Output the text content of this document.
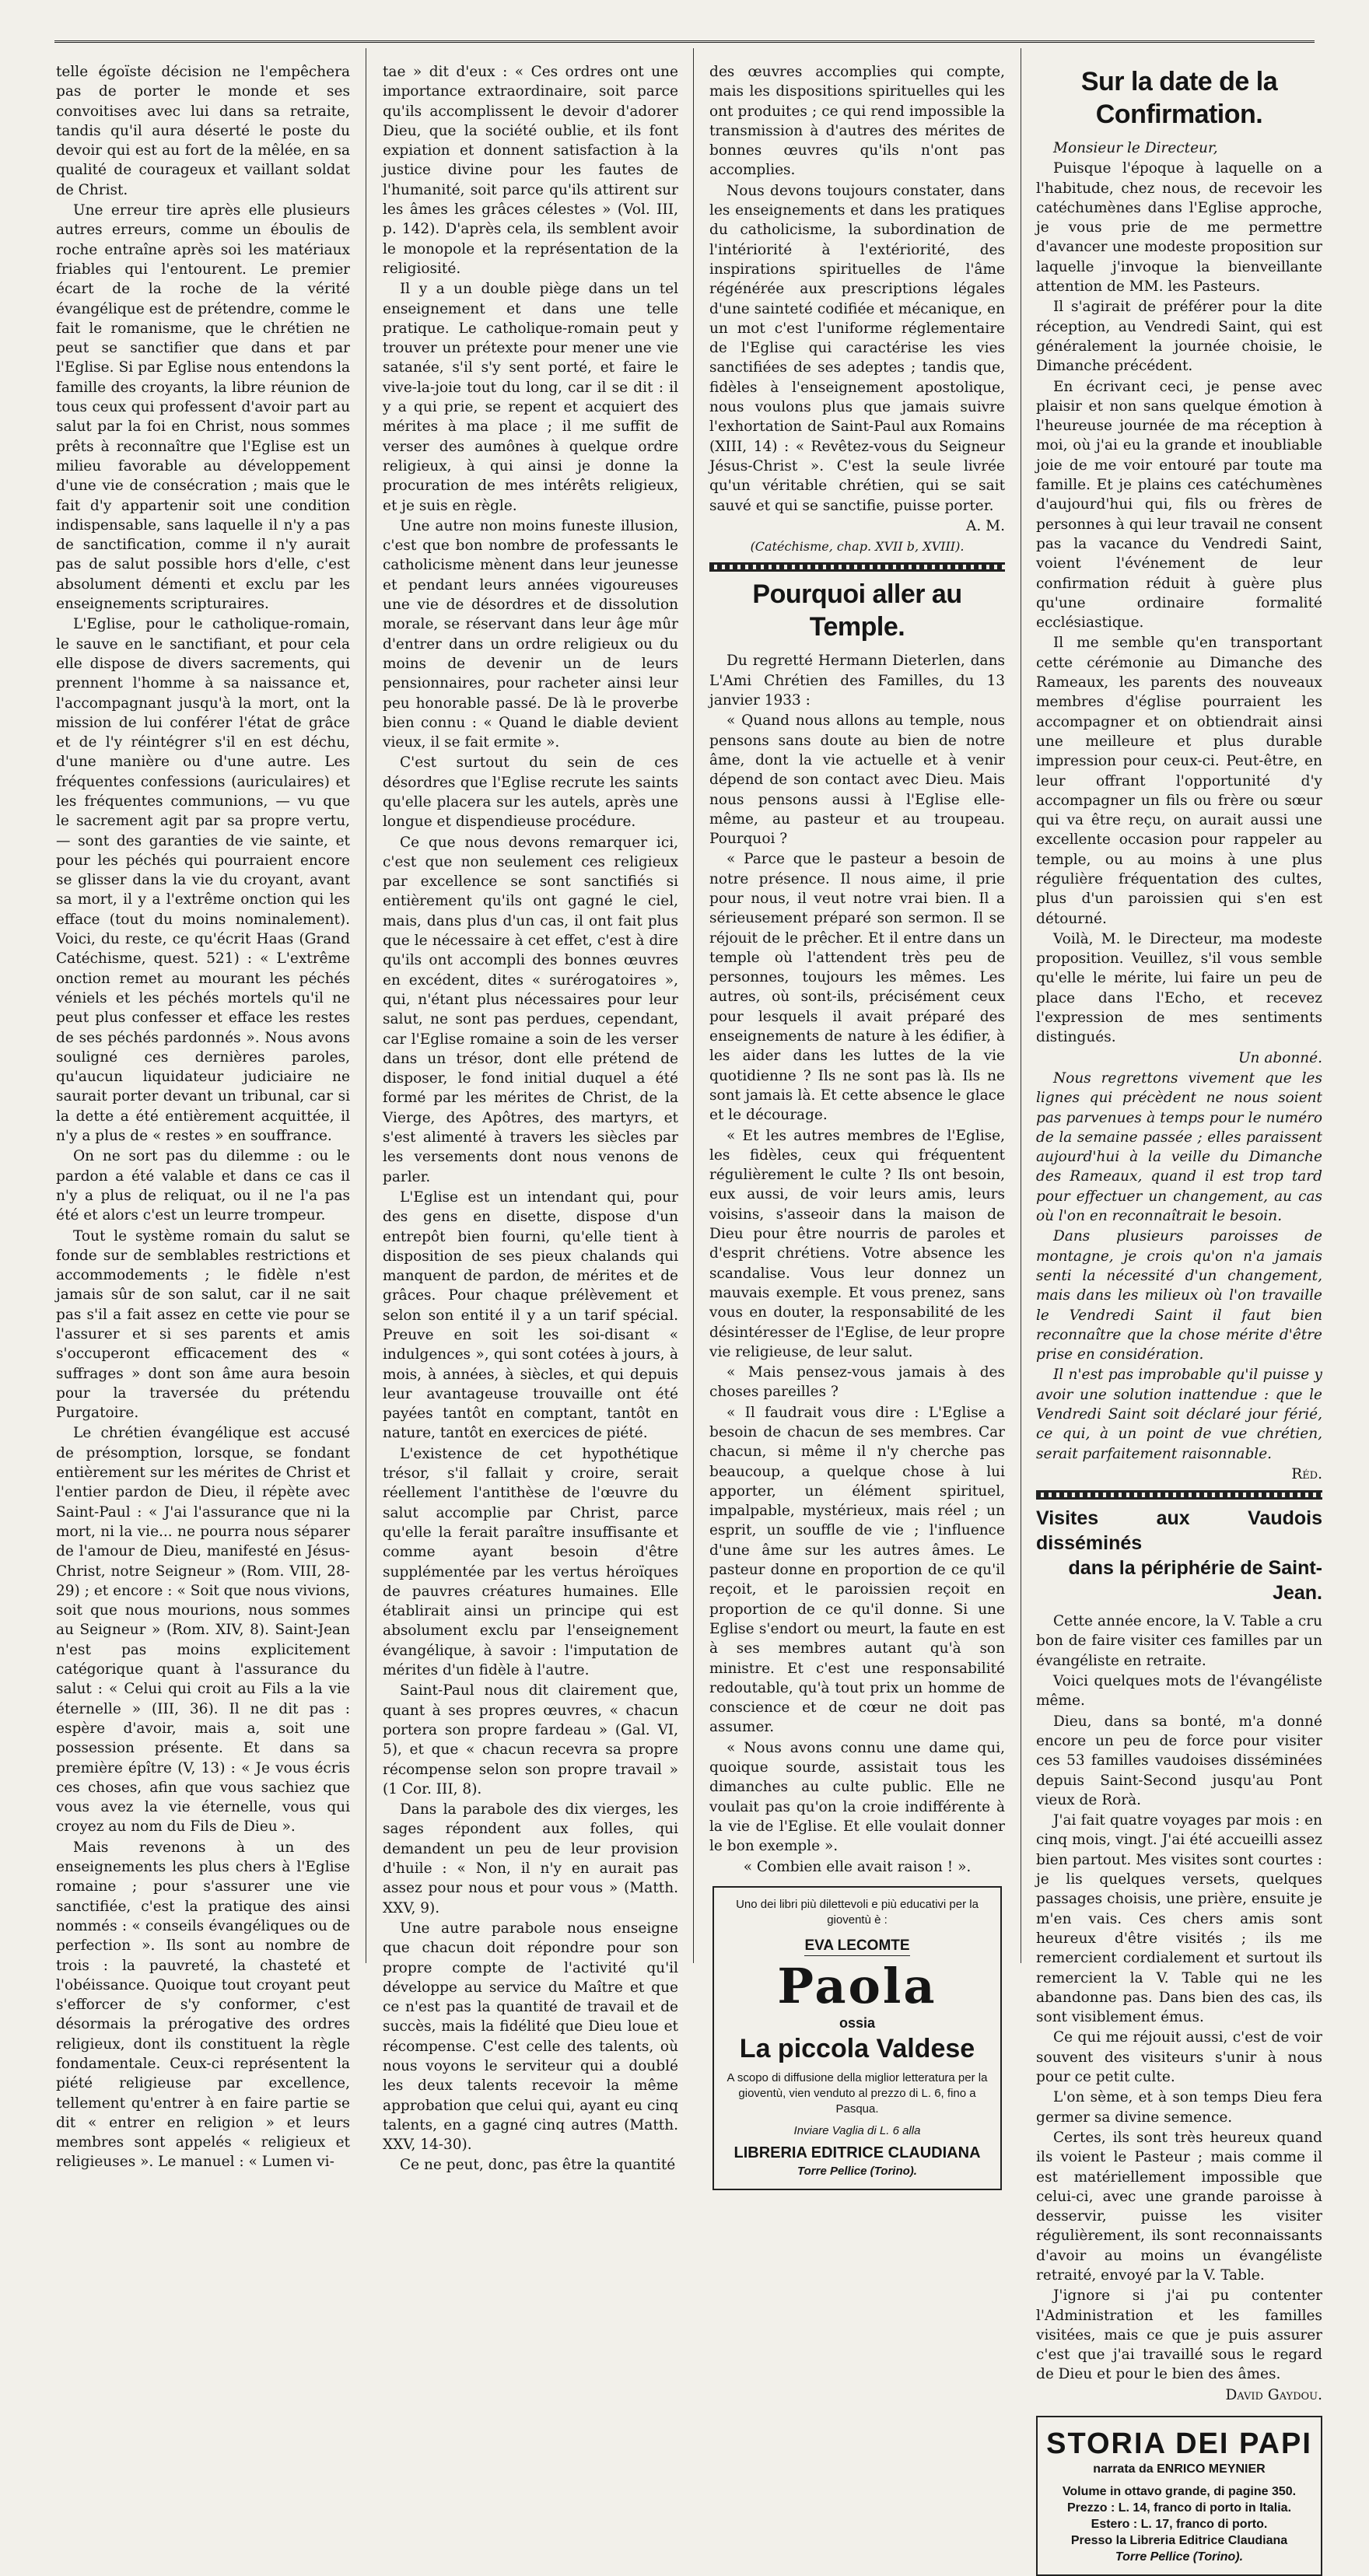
telle égoïste décision ne l'empêchera pas de porter le monde et ses convoitises avec lui dans sa retraite, tandis qu'il aura déserté le poste du devoir qui est au fort de la mêlée, en sa qualité de courageux et vaillant soldat de Christ.

Une erreur tire après elle plusieurs autres erreurs, comme un éboulis de roche entraîne après soi les matériaux friables qui l'entourent. Le premier écart de la roche de la vérité évangélique est de prétendre, comme le fait le romanisme, que le chrétien ne peut se sanctifier que dans et par l'Eglise. Si par Eglise nous entendons la famille des croyants, la libre réunion de tous ceux qui professent d'avoir part au salut par la foi en Christ, nous sommes prêts à reconnaître que l'Eglise est un milieu favorable au développement d'une vie de consécration ; mais que le fait d'y appartenir soit une condition indispensable, sans laquelle il n'y a pas de sanctification, comme il n'y aurait pas de salut possible hors d'elle, c'est absolument démenti et exclu par les enseignements scripturaires.

L'Eglise, pour le catholique-romain, le sauve en le sanctifiant, et pour cela elle dispose de divers sacrements, qui prennent l'homme à sa naissance et, l'accompagnant jusqu'à la mort, ont la mission de lui conférer l'état de grâce et de l'y réintégrer s'il en est déchu, d'une manière ou d'une autre. Les fréquentes confessions (auriculaires) et les fréquentes communions, — vu que le sacrement agit par sa propre vertu, — sont des garanties de vie sainte, et pour les péchés qui pourraient encore se glisser dans la vie du croyant, avant sa mort, il y a l'extrême onction qui les efface (tout du moins nominalement). Voici, du reste, ce qu'écrit Haas (Grand Catéchisme, quest. 521) : « L'extrême onction remet au mourant les péchés véniels et les péchés mortels qu'il ne peut plus confesser et efface les restes de ses péchés pardonnés ». Nous avons souligné ces dernières paroles, qu'aucun liquidateur judiciaire ne saurait porter devant un tribunal, car si la dette a été entièrement acquittée, il n'y a plus de « restes » en souffrance.

On ne sort pas du dilemme : ou le pardon a été valable et dans ce cas il n'y a plus de reliquat, ou il ne l'a pas été et alors c'est un leurre trompeur.

Tout le système romain du salut se fonde sur de semblables restrictions et accommodements ; le fidèle n'est jamais sûr de son salut, car il ne sait pas s'il a fait assez en cette vie pour se l'assurer et si ses parents et amis s'occuperont efficacement des « suffrages » dont son âme aura besoin pour la traversée du prétendu Purgatoire.

Le chrétien évangélique est accusé de présomption, lorsque, se fondant entièrement sur les mérites de Christ et l'entier pardon de Dieu, il répète avec Saint-Paul : « J'ai l'assurance que ni la mort, ni la vie... ne pourra nous séparer de l'amour de Dieu, manifesté en Jésus-Christ, notre Seigneur » (Rom. VIII, 28-29) ; et encore : « Soit que nous vivions, soit que nous mourions, nous sommes au Seigneur » (Rom. XIV, 8). Saint-Jean n'est pas moins explicitement catégorique quant à l'assurance du salut : « Celui qui croit au Fils a la vie éternelle » (III, 36). Il ne dit pas : espère d'avoir, mais a, soit une possession présente. Et dans sa première épître (V, 13) : « Je vous écris ces choses, afin que vous sachiez que vous avez la vie éternelle, vous qui croyez au nom du Fils de Dieu ».

Mais revenons à un des enseignements les plus chers à l'Eglise romaine ; pour s'assurer une vie sanctifiée, c'est la pratique des ainsi nommés : « conseils évangéliques ou de perfection ». Ils sont au nombre de trois : la pauvreté, la chasteté et l'obéissance. Quoique tout croyant peut s'efforcer de s'y conformer, c'est désormais la prérogative des ordres religieux, dont ils constituent la règle fondamentale. Ceux-ci représentent la piété religieuse par excellence, tellement qu'entrer à en faire partie se dit « entrer en religion » et leurs membres sont appelés « religieux et religieuses ». Le manuel : « Lumen vi-

tae » dit d'eux : « Ces ordres ont une importance extraordinaire, soit parce qu'ils accomplissent le devoir d'adorer Dieu, que la société oublie, et ils font expiation et donnent satisfaction à la justice divine pour les fautes de l'humanité, soit parce qu'ils attirent sur les âmes les grâces célestes » (Vol. III, p. 142). D'après cela, ils semblent avoir le monopole et la représentation de la religiosité.

Il y a un double piège dans un tel enseignement et dans une telle pratique. Le catholique-romain peut y trouver un prétexte pour mener une vie satanée, s'il s'y sent porté, et faire le vive-la-joie tout du long, car il se dit : il y a qui prie, se repent et acquiert des mérites à ma place ; il me suffit de verser des aumônes à quelque ordre religieux, à qui ainsi je donne la procuration de mes intérêts religieux, et je suis en règle.

Une autre non moins funeste illusion, c'est que bon nombre de professants le catholicisme mènent dans leur jeunesse et pendant leurs années vigoureuses une vie de désordres et de dissolution morale, se réservant dans leur âge mûr d'entrer dans un ordre religieux ou du moins de devenir un de leurs pensionnaires, pour racheter ainsi leur peu honorable passé. De là le proverbe bien connu : « Quand le diable devient vieux, il se fait ermite ».

C'est surtout du sein de ces désordres que l'Eglise recrute les saints qu'elle placera sur les autels, après une longue et dispendieuse procédure.

Ce que nous devons remarquer ici, c'est que non seulement ces religieux par excellence se sont sanctifiés si entièrement qu'ils ont gagné le ciel, mais, dans plus d'un cas, il ont fait plus que le nécessaire à cet effet, c'est à dire qu'ils ont accompli des bonnes œuvres en excédent, dites « surérogatoires », qui, n'étant plus nécessaires pour leur salut, ne sont pas perdues, cependant, car l'Eglise romaine a soin de les verser dans un trésor, dont elle prétend de disposer, le fond initial duquel a été formé par les mérites de Christ, de la Vierge, des Apôtres, des martyrs, et s'est alimenté à travers les siècles par les versements dont nous venons de parler.

L'Eglise est un intendant qui, pour des gens en disette, dispose d'un entrepôt bien fourni, qu'elle tient à disposition de ses pieux chalands qui manquent de pardon, de mérites et de grâces. Pour chaque prélèvement et selon son entité il y a un tarif spécial. Preuve en soit les soi-disant « indulgences », qui sont cotées à jours, à mois, à années, à siècles, et qui depuis leur avantageuse trouvaille ont été payées tantôt en comptant, tantôt en nature, tantôt en exercices de piété.

L'existence de cet hypothétique trésor, s'il fallait y croire, serait réellement l'antithèse de l'œuvre du salut accomplie par Christ, parce qu'elle la ferait paraître insuffisante et comme ayant besoin d'être supplémentée par les vertus héroïques de pauvres créatures humaines. Elle établirait ainsi un principe qui est absolument exclu par l'enseignement évangélique, à savoir : l'imputation de mérites d'un fidèle à l'autre.

Saint-Paul nous dit clairement que, quant à ses propres œuvres, « chacun portera son propre fardeau » (Gal. VI, 5), et que « chacun recevra sa propre récompense selon son propre travail » (1 Cor. III, 8).

Dans la parabole des dix vierges, les sages répondent aux folles, qui demandent un peu de leur provision d'huile : « Non, il n'y en aurait pas assez pour nous et pour vous » (Matth. XXV, 9).

Une autre parabole nous enseigne que chacun doit répondre pour son propre compte de l'activité qu'il développe au service du Maître et que ce n'est pas la quantité de travail et de succès, mais la fidélité que Dieu loue et récompense. C'est celle des talents, où nous voyons le serviteur qui a doublé les deux talents recevoir la même approbation que celui qui, ayant eu cinq talents, en a gagné cinq autres (Matth. XXV, 14-30).

Ce ne peut, donc, pas être la quantité

des œuvres accomplies qui compte, mais les dispositions spirituelles qui les ont produites ; ce qui rend impossible la transmission à d'autres des mérites de bonnes œuvres qu'ils n'ont pas accomplies.

Nous devons toujours constater, dans les enseignements et dans les pratiques du catholicisme, la subordination de l'intériorité à l'extériorité, des inspirations spirituelles de l'âme régénérée aux prescriptions légales d'une sainteté codifiée et mécanique, en un mot c'est l'uniforme réglementaire de l'Eglise qui caractérise les vies sanctifiées de ses adeptes ; tandis que, fidèles à l'enseignement apostolique, nous voulons plus que jamais suivre l'exhortation de Saint-Paul aux Romains (XIII, 14) : « Revêtez-vous du Seigneur Jésus-Christ ». C'est la seule livrée qu'un véritable chrétien, qui se sait sauvé et qui se sanctifie, puisse porter.

A. M.

(Catéchisme, chap. XVII b, XVIII).

Pourquoi aller au Temple.

Du regretté Hermann Dieterlen, dans L'Ami Chrétien des Familles, du 13 janvier 1933 :

« Quand nous allons au temple, nous pensons sans doute au bien de notre âme, dont la vie actuelle et à venir dépend de son contact avec Dieu. Mais nous pensons aussi à l'Eglise elle-même, au pasteur et au troupeau. Pourquoi ?

« Parce que le pasteur a besoin de notre présence. Il nous aime, il prie pour nous, il veut notre vrai bien. Il a sérieusement préparé son sermon. Il se réjouit de le prêcher. Et il entre dans un temple où l'attendent très peu de personnes, toujours les mêmes. Les autres, où sont-ils, précisément ceux pour lesquels il avait préparé des enseignements de nature à les édifier, à les aider dans les luttes de la vie quotidienne ? Ils ne sont pas là. Ils ne sont jamais là. Et cette absence le glace et le décourage.

« Et les autres membres de l'Eglise, les fidèles, ceux qui fréquentent régulièrement le culte ? Ils ont besoin, eux aussi, de voir leurs amis, leurs voisins, s'asseoir dans la maison de Dieu pour être nourris de paroles et d'esprit chrétiens. Votre absence les scandalise. Vous leur donnez un mauvais exemple. Et vous prenez, sans vous en douter, la responsabilité de les désintéresser de l'Eglise, de leur propre vie religieuse, de leur salut.

« Mais pensez-vous jamais à des choses pareilles ?

« Il faudrait vous dire : L'Eglise a besoin de chacun de ses membres. Car chacun, si même il n'y cherche pas beaucoup, a quelque chose à lui apporter, un élément spirituel, impalpable, mystérieux, mais réel ; un esprit, un souffle de vie ; l'influence d'une âme sur les autres âmes. Le pasteur donne en proportion de ce qu'il reçoit, et le paroissien reçoit en proportion de ce qu'il donne. Si une Eglise s'endort ou meurt, la faute en est à ses membres autant qu'à son ministre. Et c'est une responsabilité redoutable, qu'à tout prix un homme de conscience et de cœur ne doit pas assumer.

« Nous avons connu une dame qui, quoique sourde, assistait tous les dimanches au culte public. Elle ne voulait pas qu'on la croie indifférente à la vie de l'Eglise. Et elle voulait donner le bon exemple ».

« Combien elle avait raison ! ».

Uno dei libri più dilettevoli e più educativi per la gioventù è :
EVA LECOMTE
Paola
ossia
La piccola Valdese
A scopo di diffusione della miglior letteratura per la gioventù, vien venduto al prezzo di L. 6, fino a Pasqua.
Inviare Vaglia di L. 6 alla
LIBRERIA EDITRICE CLAUDIANA
Torre Pellice (Torino).
Sur la date de la Confirmation.

Monsieur le Directeur,

Puisque l'époque à laquelle on a l'habitude, chez nous, de recevoir les catéchumènes dans l'Eglise approche, je vous prie de me permettre d'avancer une modeste proposition sur laquelle j'invoque la bienveillante attention de MM. les Pasteurs.

Il s'agirait de préférer pour la dite réception, au Vendredi Saint, qui est généralement la journée choisie, le Dimanche précédent.

En écrivant ceci, je pense avec plaisir et non sans quelque émotion à l'heureuse journée de ma réception à moi, où j'ai eu la grande et inoubliable joie de me voir entouré par toute ma famille. Et je plains ces catéchumènes d'aujourd'hui qui, fils ou frères de personnes à qui leur travail ne consent pas la vacance du Vendredi Saint, voient l'événement de leur confirmation réduit à guère plus qu'une ordinaire formalité ecclésiastique.

Il me semble qu'en transportant cette cérémonie au Dimanche des Rameaux, les parents des nouveaux membres d'église pourraient les accompagner et on obtiendrait ainsi une meilleure et plus durable impression pour ceux-ci. Peut-être, en leur offrant l'opportunité d'y accompagner un fils ou frère ou sœur qui va être reçu, on aurait aussi une excellente occasion pour rappeler au temple, ou au moins à une plus régulière fréquentation des cultes, plus d'un paroissien qui s'en est détourné.

Voilà, M. le Directeur, ma modeste proposition. Veuillez, s'il vous semble qu'elle le mérite, lui faire un peu de place dans l'Echo, et recevez l'expression de mes sentiments distingués.

Un abonné.

Nous regrettons vivement que les lignes qui précèdent ne nous soient pas parvenues à temps pour le numéro de la semaine passée ; elles paraissent aujourd'hui à la veille du Dimanche des Rameaux, quand il est trop tard pour effectuer un changement, au cas où l'on en reconnaîtrait le besoin.

Dans plusieurs paroisses de montagne, je crois qu'on n'a jamais senti la nécessité d'un changement, mais dans les milieux où l'on travaille le Vendredi Saint il faut bien reconnaître que la chose mérite d'être prise en considération.

Il n'est pas improbable qu'il puisse y avoir une solution inattendue : que le Vendredi Saint soit déclaré jour férié, ce qui, à un point de vue chrétien, serait parfaitement raisonnable.

Réd.

Visites aux Vaudois disséminés
dans la périphérie de Saint-Jean.

Cette année encore, la V. Table a cru bon de faire visiter ces familles par un évangéliste en retraite.

Voici quelques mots de l'évangéliste même.

Dieu, dans sa bonté, m'a donné encore un peu de force pour visiter ces 53 familles vaudoises disséminées depuis Saint-Second jusqu'au Pont vieux de Rorà.

J'ai fait quatre voyages par mois : en cinq mois, vingt. J'ai été accueilli assez bien partout. Mes visites sont courtes : je lis quelques versets, quelques passages choisis, une prière, ensuite je m'en vais. Ces chers amis sont heureux d'être visités ; ils me remercient cordialement et surtout ils remercient la V. Table qui ne les abandonne pas. Dans bien des cas, ils sont visiblement émus.

Ce qui me réjouit aussi, c'est de voir souvent des visiteurs s'unir à nous pour ce petit culte.

L'on sème, et à son temps Dieu fera germer sa divine semence.

Certes, ils sont très heureux quand ils voient le Pasteur ; mais comme il est matériellement impossible que celui-ci, avec une grande paroisse à desservir, puisse les visiter régulièrement, ils sont reconnaissants d'avoir au moins un évangéliste retraité, envoyé par la V. Table.

J'ignore si j'ai pu contenter l'Administration et les familles visitées, mais ce que je puis assurer c'est que j'ai travaillé sous le regard de Dieu et pour le bien des âmes.

David Gaydou.

STORIA DEI PAPI
narrata da ENRICO MEYNIER
Volume in ottavo grande, di pagine 350.
Prezzo : L. 14, franco di porto in Italia.
Estero : L. 17, franco di porto.
Presso la Libreria Editrice Claudiana
Torre Pellice (Torino).
